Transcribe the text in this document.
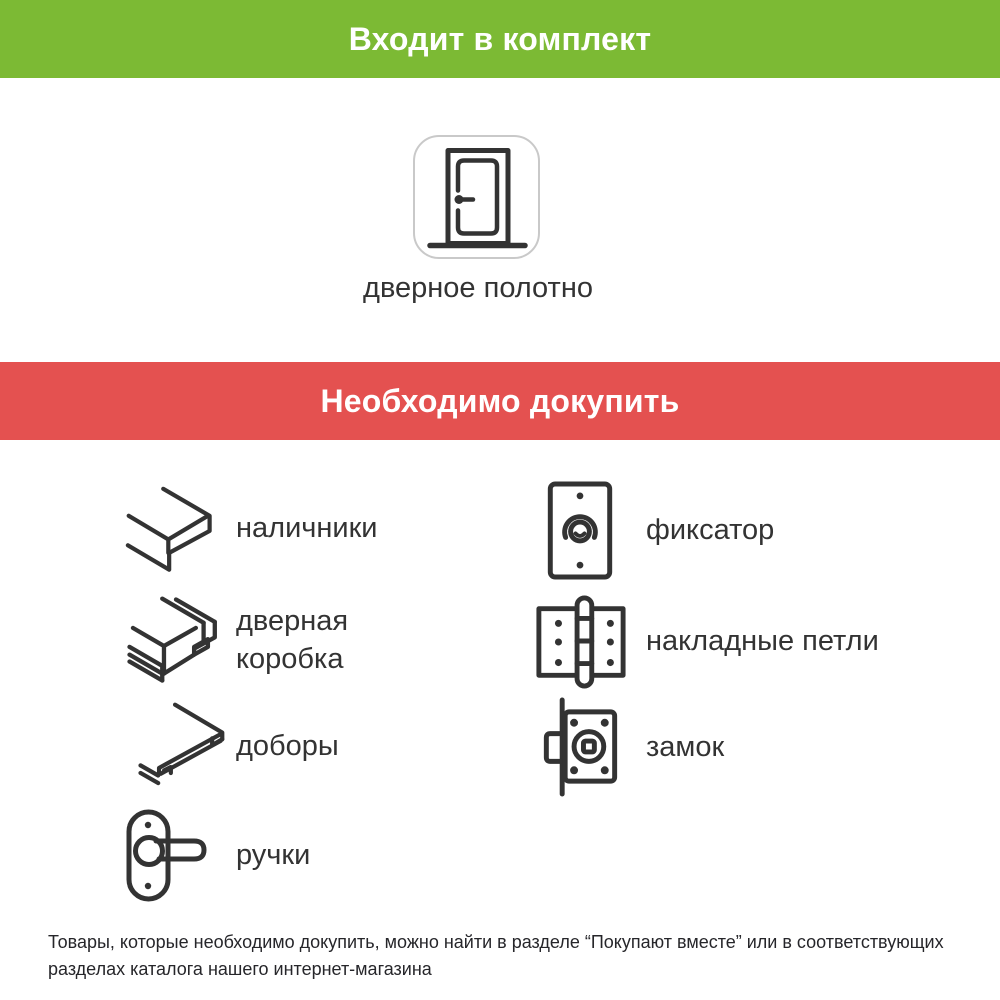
Входит в комплект
дверное полотно
Необходимо докупить
наличники
дверная коробка
доборы
ручки
фиксатор
накладные петли
замок
Товары, которые необходимо докупить, можно найти в разделе “Покупают вместе” или в соответствующих разделах каталога нашего интернет-магазина
